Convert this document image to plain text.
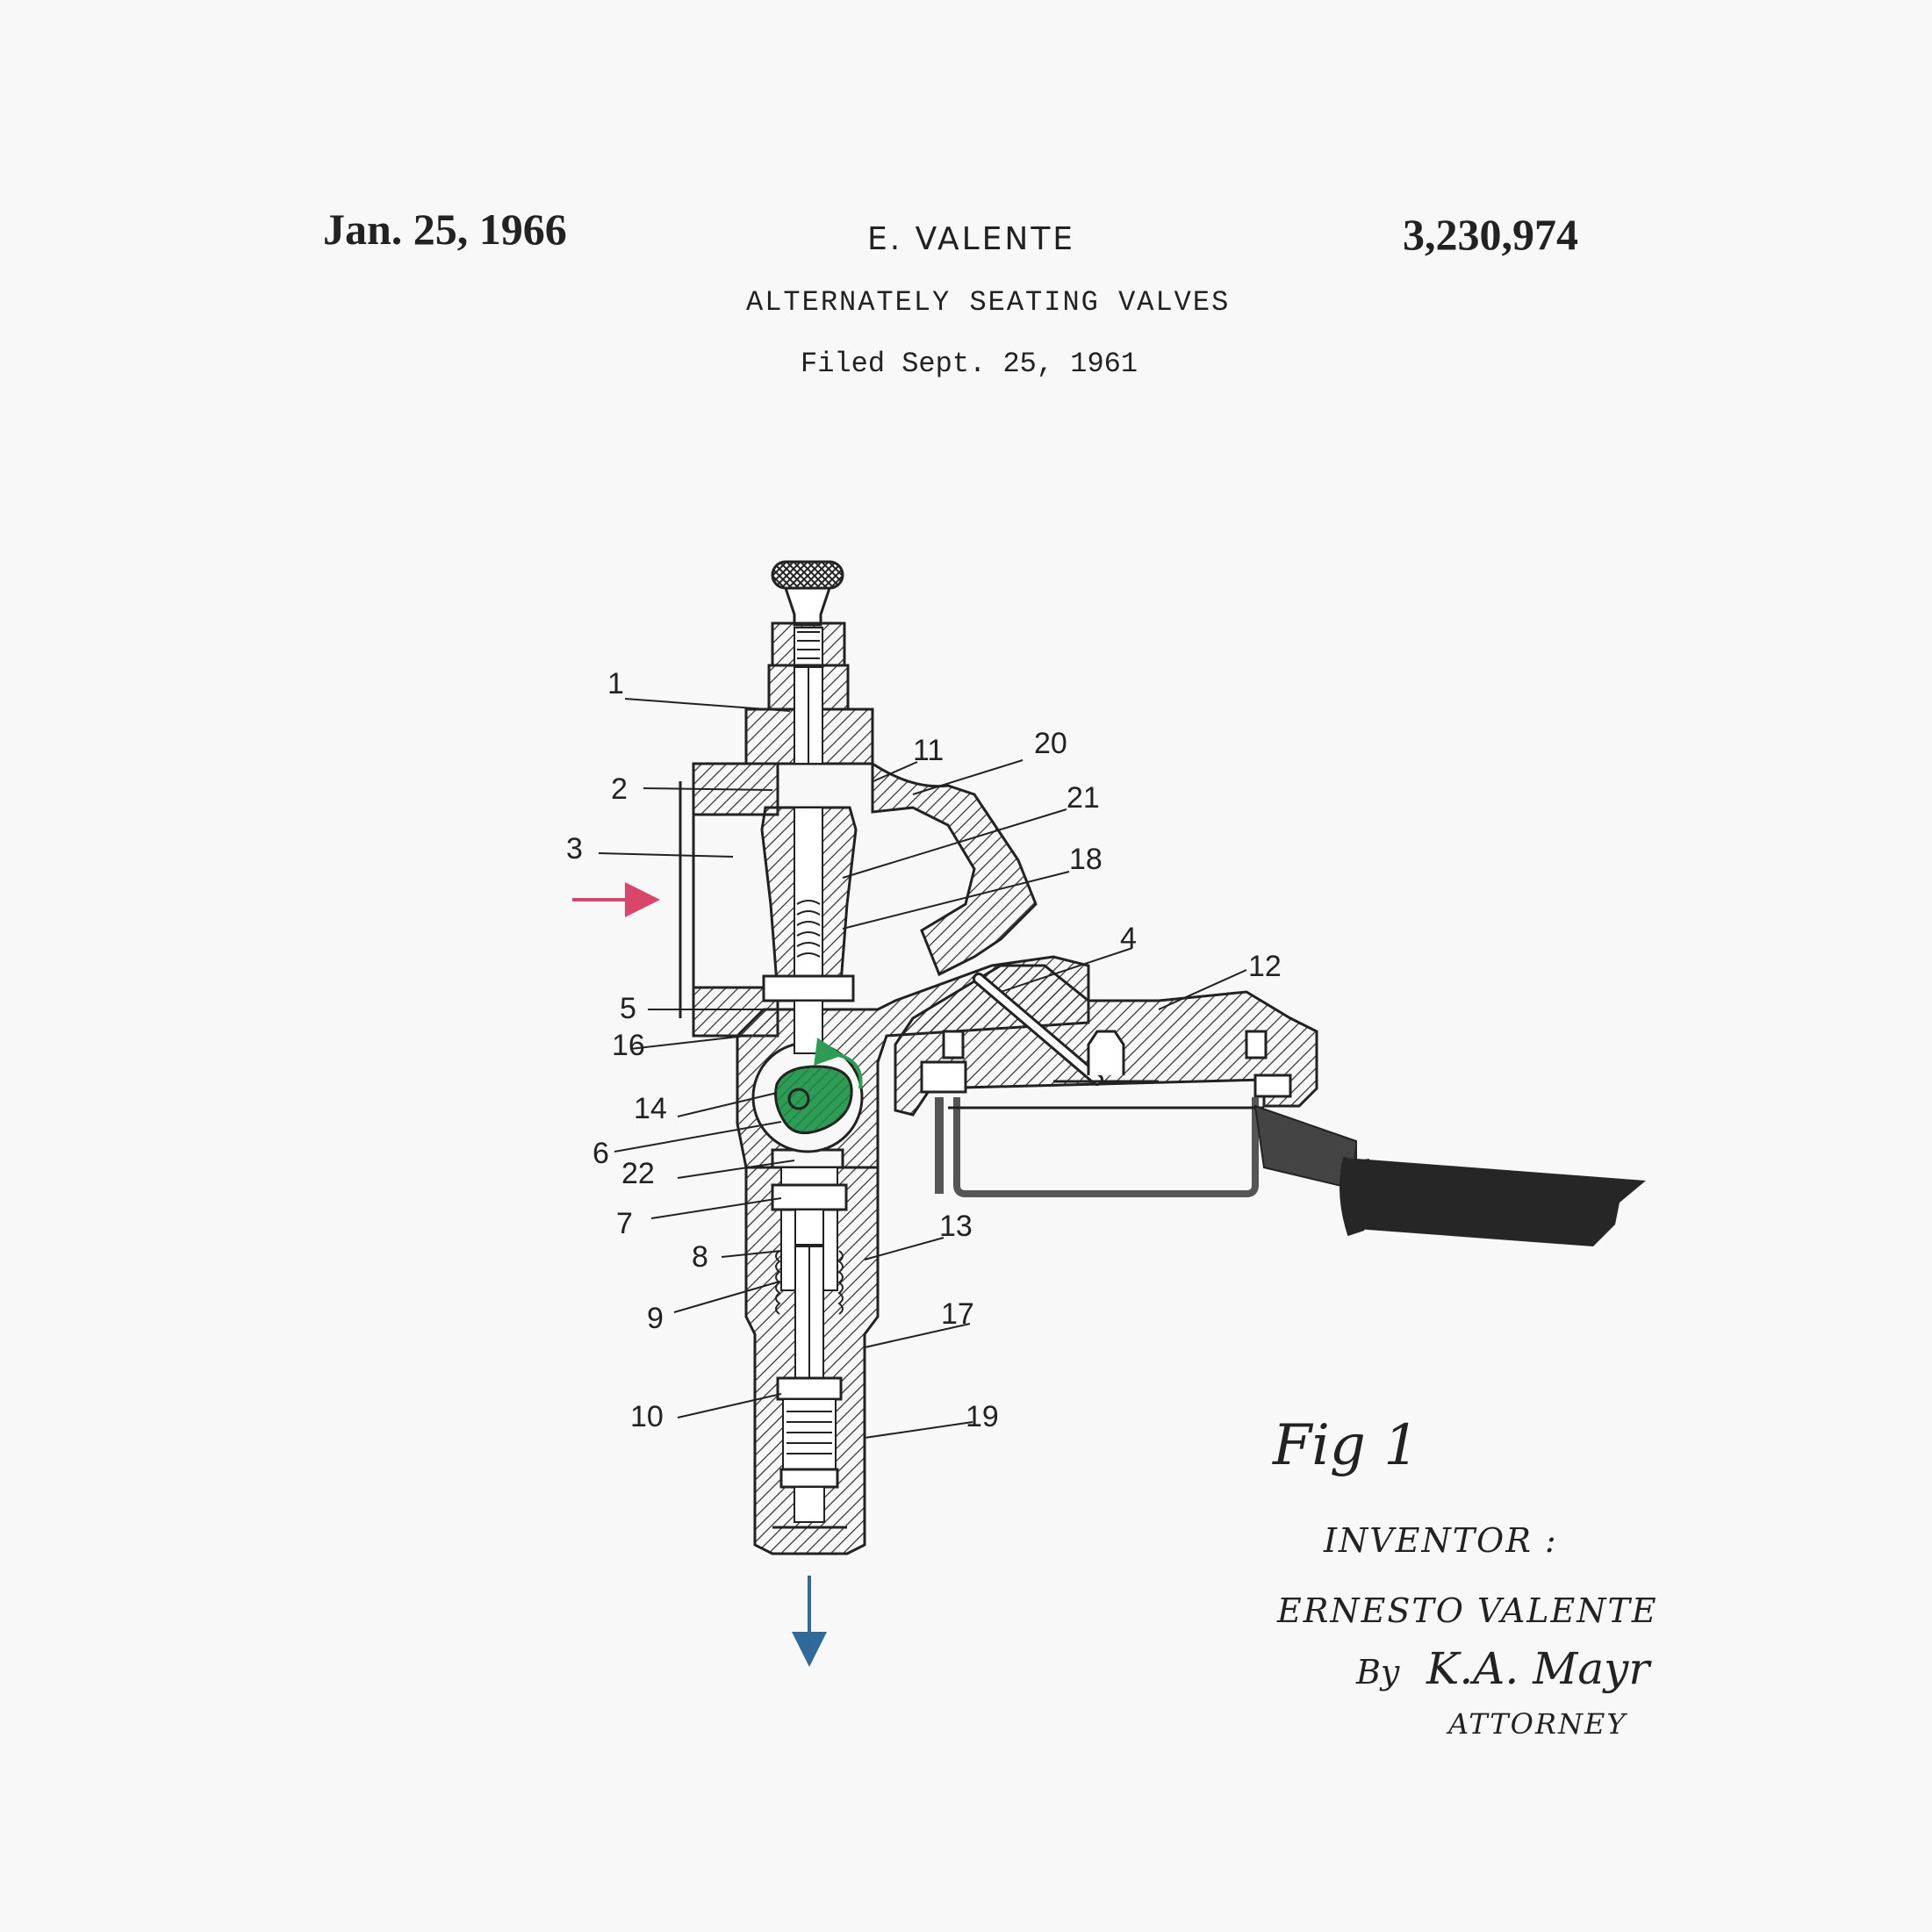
Jan. 25, 1966	E. VALENTE	3,230,974
ALTERNATELY SEATING VALVES
Filed Sept. 25, 1961
1
2
3
5
16
14
6
22
7
8
9
10
11	20
21
18
4
12
13
17
19	Fig 1
INVENTOR :
ERNESTO VALENTE
By K.A. Mayr
ATTORNEY
